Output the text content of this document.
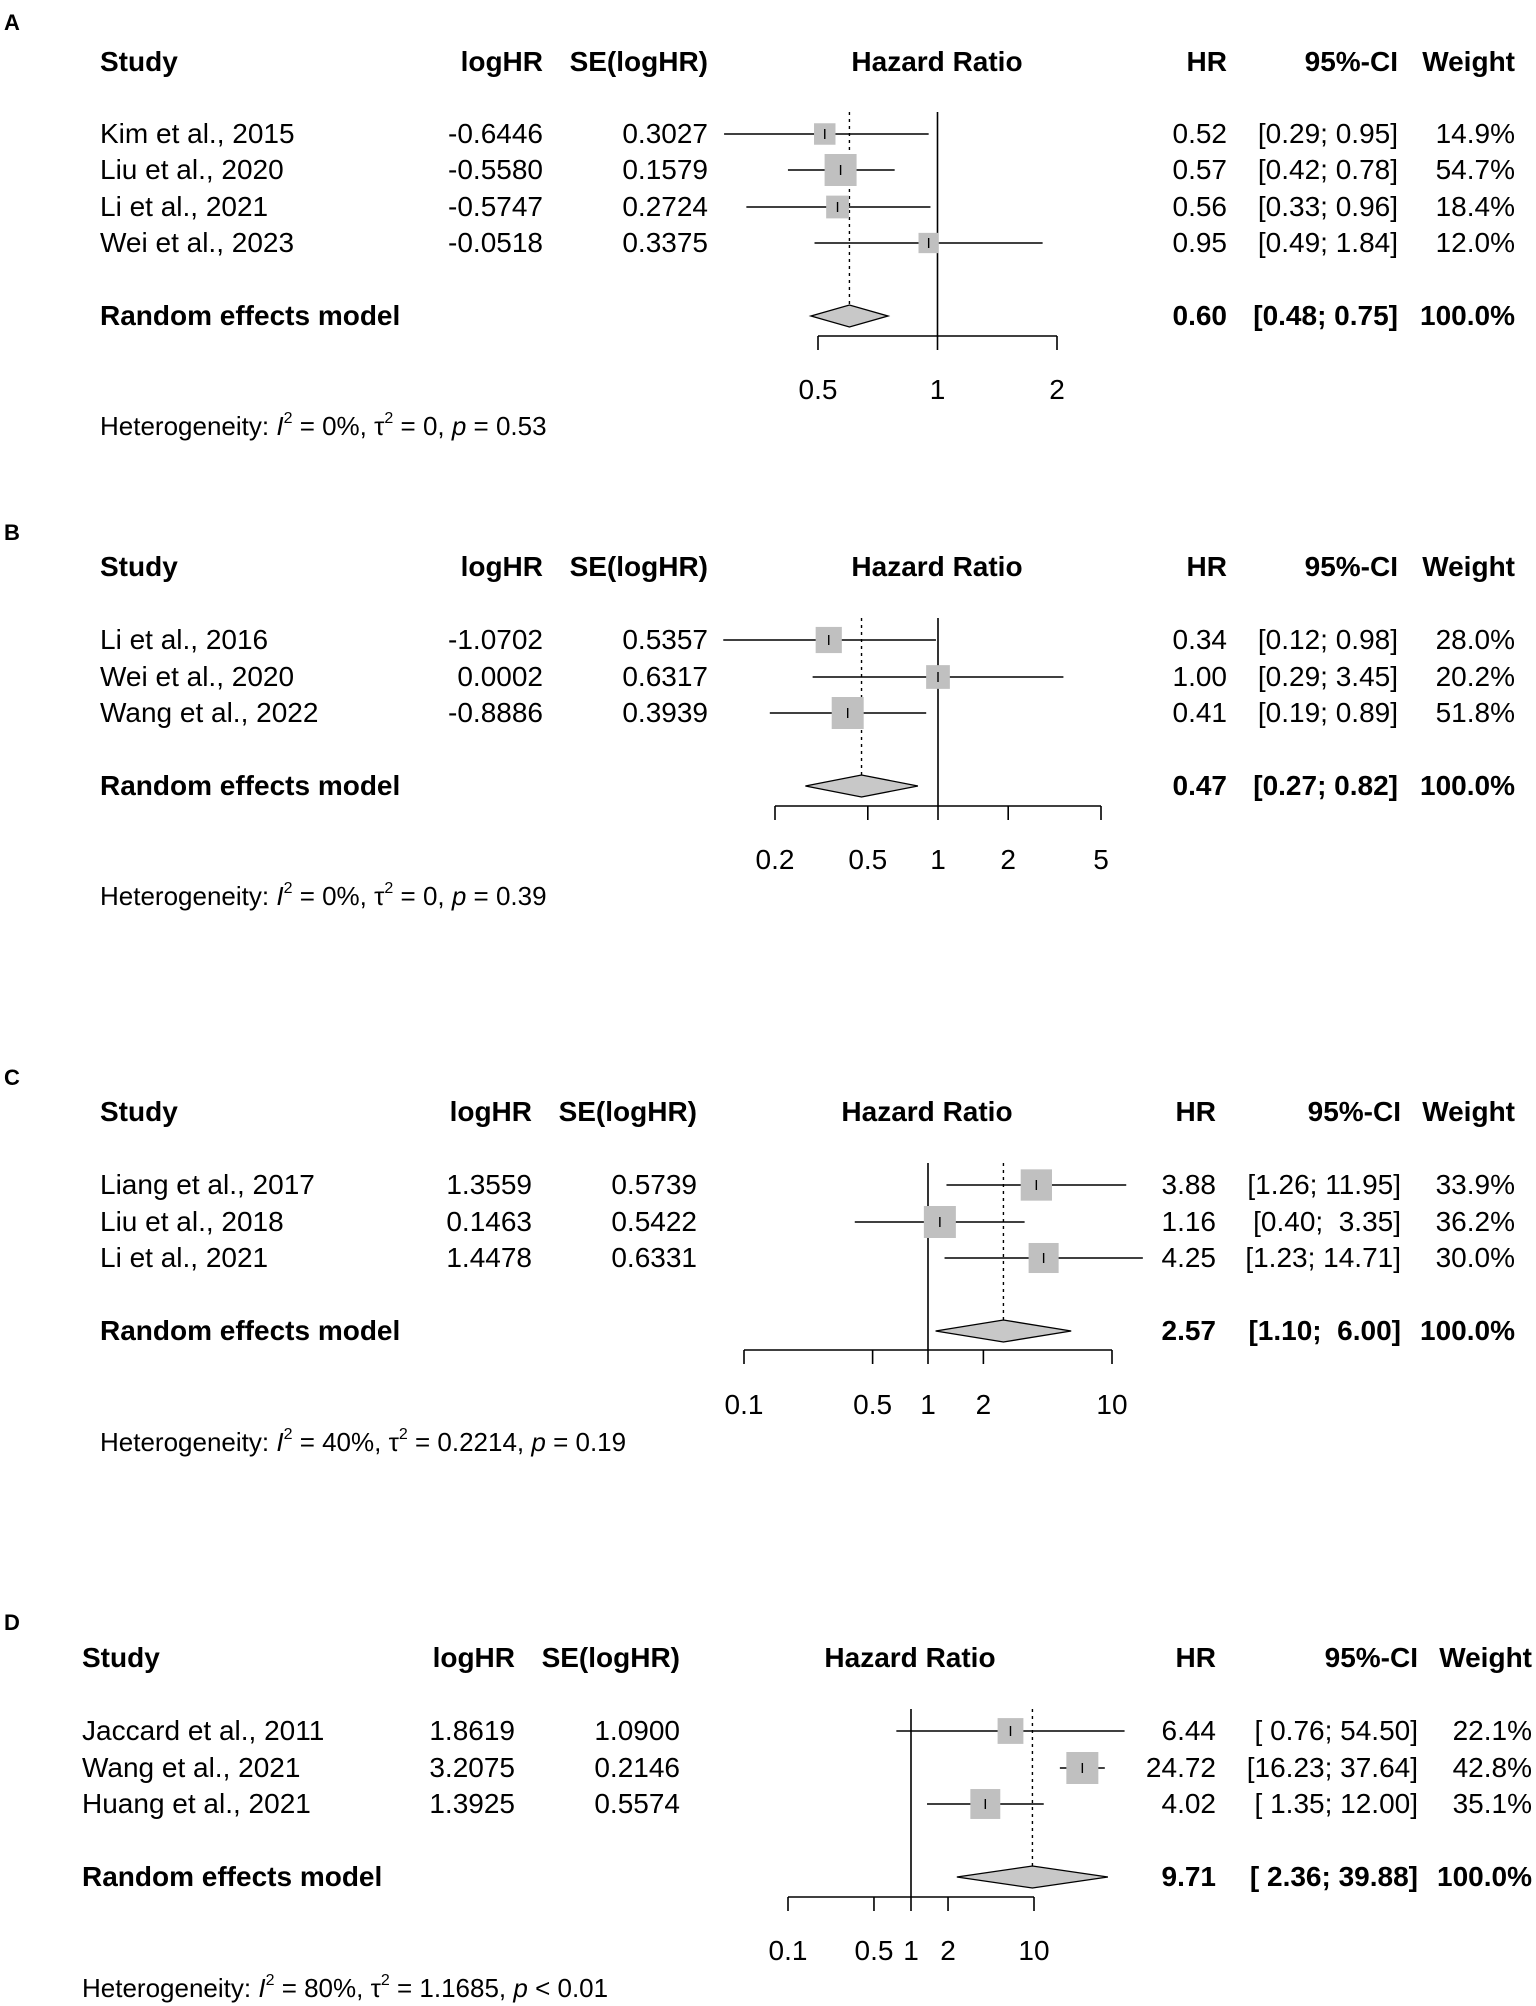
A
Study	logHR SE(logHR)	Hazard Ratio	HR	95%-CI Weight
Kim et al., 2015	-0.6446	0.3027	0.52 [0.29; 0.95] 14.9%
Liu et al., 2020	-0.5580	0.1579	0.57 [0.42; 0.78] 54.7%
Li et al., 2021	-0.5747	0.2724	0.56 [0.33; 0.96] 18.4%
Wei et al., 2023	-0.0518	0.3375	0.95 [0.49; 1.84] 12.0%
Random effects model	0.60 [0.48; 0.75] 100.0%
0.5	1	2
Heterogeneity: $I^2 = 0\%$, $\tau^2 = 0$, p = 0.53
B
Study	logHR SE(logHR)	Hazard Ratio	HR	95%-CI Weight
Li et al., 2016	-1.0702	0.5357	0.34 [0.12; 0.98] 28.0%
Wei et al., 2020	0.0002	0.6317	1.00 [0.29; 3.45] 20.2%
Wang et al., 2022	-0.8886	0.3939	0.41 [0.19; 0.89] 51.8%
Random effects model	0.47 [0.27; 0.82] 100.0%
0.2	0.5	1	2	5
Heterogeneity: $I^2 = 0\%$, $\tau^2 = 0$, p = 0.39
C
Study	logHR SE(logHR)	Hazard Ratio	HR	95%-CI Weight
Liang et al., 2017	1.3559	0.5739	3.88 [1.26; 11.95] 33.9%
Liu et al., 2018	0.1463	0.5422	1.16 [0.40;  3.35] 36.2%
Li et al., 2021	1.4478	0.6331	4.25 [1.23; 14.71] 30.0%
Random effects model	2.57 [1.10;  6.00] 100.0%
0.1	0.5	1	2	10
Heterogeneity: $I^2 = 40\%$, $\tau^2 = 0.2214$, p = 0.19
D
Study	logHR SE(logHR)	Hazard Ratio	HR	95%-CI Weight
Jaccard et al., 2011	1.8619	1.0900	6.44 [ 0.76; 54.50] 22.1%
Wang et al., 2021	3.2075	0.2146	24.72 [16.23; 37.64] 42.8%
Huang et al., 2021	1.3925	0.5574	4.02 [ 1.35; 12.00] 35.1%
Random effects model	9.71 [ 2.36; 39.88] 100.0%
0.1	0.5 1 2	10
Heterogeneity: $I^2 = 80\%$, $\tau^2 = 1.1685$, p < 0.01
